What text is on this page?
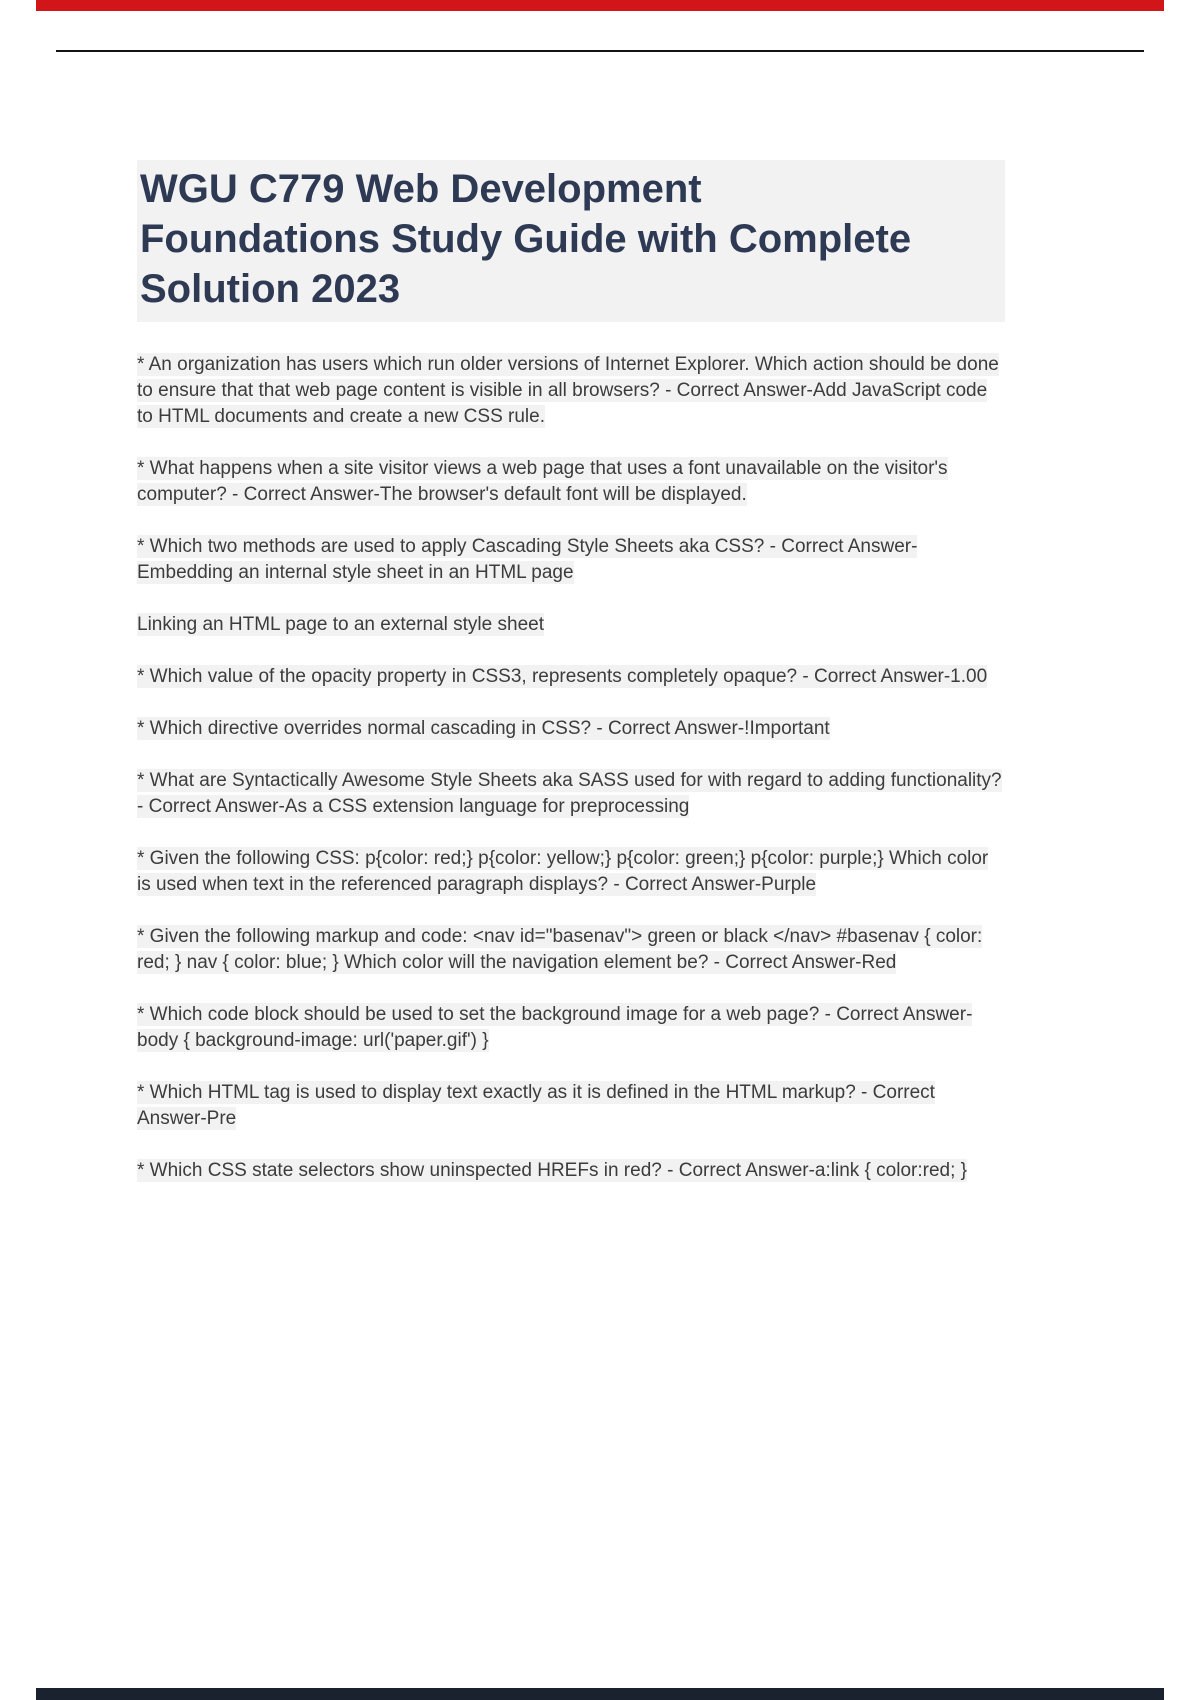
WGU C779 Web Development
Foundations Study Guide with Complete
Solution 2023

* An organization has users which run older versions of Internet Explorer. Which action should be done to ensure that that web page content is visible in all browsers? - Correct Answer-Add JavaScript code to HTML documents and create a new CSS rule.

* What happens when a site visitor views a web page that uses a font unavailable on the visitor's computer? - Correct Answer-The browser's default font will be displayed.

* Which two methods are used to apply Cascading Style Sheets aka CSS? - Correct Answer-Embedding an internal style sheet in an HTML page

Linking an HTML page to an external style sheet

* Which value of the opacity property in CSS3, represents completely opaque? - Correct Answer-1.00

* Which directive overrides normal cascading in CSS? - Correct Answer-!Important

* What are Syntactically Awesome Style Sheets aka SASS used for with regard to adding functionality? - Correct Answer-As a CSS extension language for preprocessing

* Given the following CSS: p{color: red;} p{color: yellow;} p{color: green;} p{color: purple;} Which color is used when text in the referenced paragraph displays? - Correct Answer-Purple

* Given the following markup and code: <nav id="basenav"> green or black </nav> #basenav { color: red; } nav { color: blue; } Which color will the navigation element be? - Correct Answer-Red

* Which code block should be used to set the background image for a web page? - Correct Answer-body { background-image: url('paper.gif') }

* Which HTML tag is used to display text exactly as it is defined in the HTML markup? - Correct Answer-Pre

* Which CSS state selectors show uninspected HREFs in red? - Correct Answer-a:link { color:red; }
